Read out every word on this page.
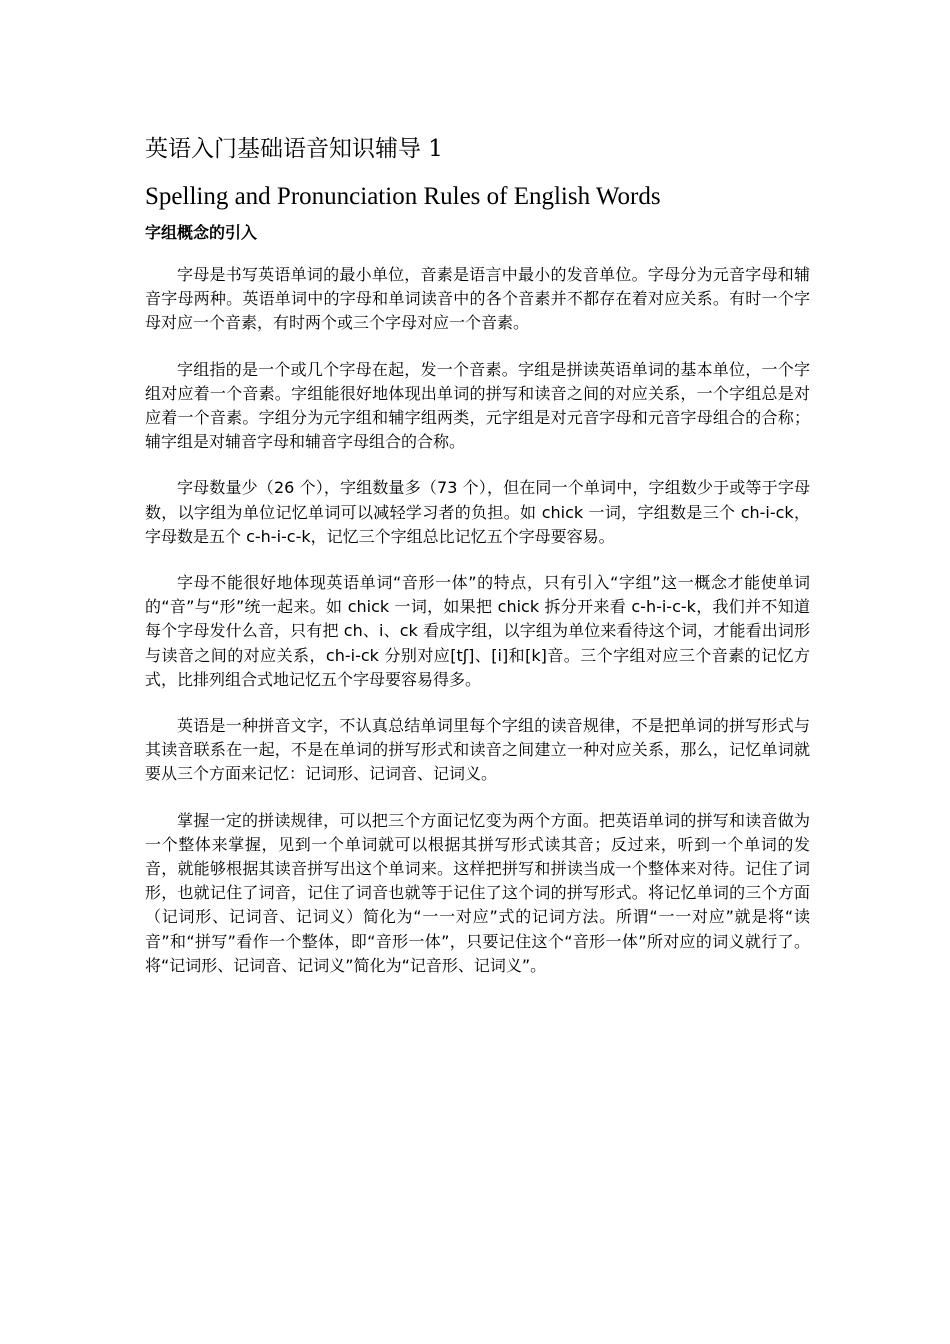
英语入门基础语音知识辅导 1
Spelling and Pronunciation Rules of English Words
字组概念的引入

字母是书写英语单词的最小单位，音素是语言中最小的发音单位。字母分为元音字母和辅音字母两种。英语单词中的字母和单词读音中的各个音素并不都存在着对应关系。有时一个字母对应一个音素，有时两个或三个字母对应一个音素。

字组指的是一个或几个字母在起，发一个音素。字组是拼读英语单词的基本单位，一个字组对应着一个音素。字组能很好地体现出单词的拼写和读音之间的对应关系，一个字组总是对应着一个音素。字组分为元字组和辅字组两类，元字组是对元音字母和元音字母组合的合称；辅字组是对辅音字母和辅音字母组合的合称。

字母数量少（26 个），字组数量多（73 个），但在同一个单词中，字组数少于或等于字母数，以字组为单位记忆单词可以减轻学习者的负担。如 chick 一词，字组数是三个 ch-i-ck，字母数是五个 c-h-i-c-k，记忆三个字组总比记忆五个字母要容易。

字母不能很好地体现英语单词“音形一体”的特点，只有引入“字组”这一概念才能使单词的“音”与“形”统一起来。如 chick 一词，如果把 chick 拆分开来看 c-h-i-c-k，我们并不知道每个字母发什么音，只有把 ch、i、ck 看成字组，以字组为单位来看待这个词，才能看出词形与读音之间的对应关系，ch-i-ck 分别对应[tʃ]、[i]和[k]音。三个字组对应三个音素的记忆方式，比排列组合式地记忆五个字母要容易得多。

英语是一种拼音文字，不认真总结单词里每个字组的读音规律，不是把单词的拼写形式与其读音联系在一起，不是在单词的拼写形式和读音之间建立一种对应关系，那么，记忆单词就要从三个方面来记忆：记词形、记词音、记词义。

掌握一定的拼读规律，可以把三个方面记忆变为两个方面。把英语单词的拼写和读音做为一个整体来掌握，见到一个单词就可以根据其拼写形式读其音；反过来，听到一个单词的发音，就能够根据其读音拼写出这个单词来。这样把拼写和拼读当成一个整体来对待。记住了词形，也就记住了词音，记住了词音也就等于记住了这个词的拼写形式。将记忆单词的三个方面（记词形、记词音、记词义）简化为“一一对应”式的记词方法。所谓“一一对应”就是将“读音”和“拼写”看作一个整体，即“音形一体”，只要记住这个“音形一体”所对应的词义就行了。将“记词形、记词音、记词义”简化为“记音形、记词义”。
